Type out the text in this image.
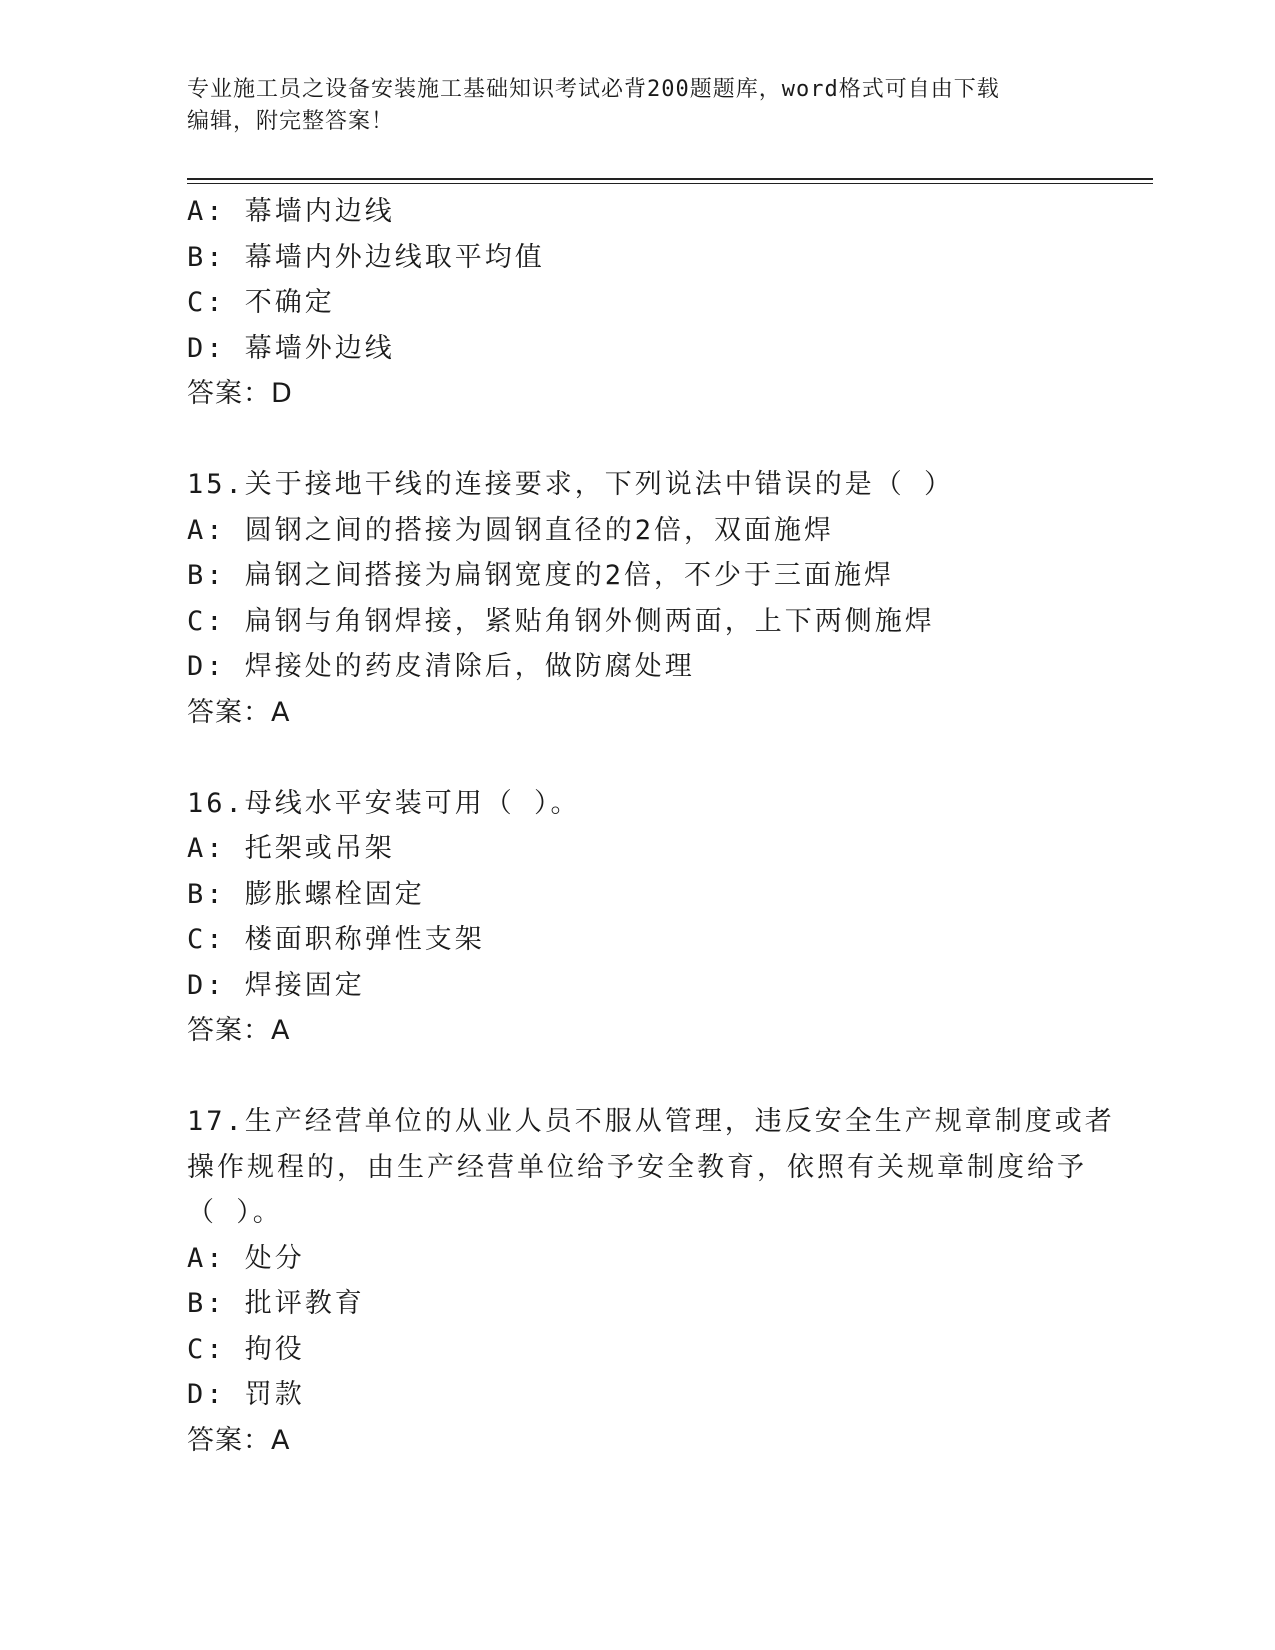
专业施工员之设备安装施工基础知识考试必背200题题库，word格式可自由下载
编辑，附完整答案！
A: 幕墙内边线
B: 幕墙内外边线取平均值
C: 不确定
D: 幕墙外边线
答案：D
15.关于接地干线的连接要求，下列说法中错误的是（ ）
A: 圆钢之间的搭接为圆钢直径的2倍，双面施焊
B: 扁钢之间搭接为扁钢宽度的2倍，不少于三面施焊
C: 扁钢与角钢焊接，紧贴角钢外侧两面，上下两侧施焊
D: 焊接处的药皮清除后，做防腐处理
答案：A
16.母线水平安装可用（ ）。
A: 托架或吊架
B: 膨胀螺栓固定
C: 楼面职称弹性支架
D: 焊接固定
答案：A
17.生产经营单位的从业人员不服从管理，违反安全生产规章制度或者
操作规程的，由生产经营单位给予安全教育，依照有关规章制度给予
（ ）。
A: 处分
B: 批评教育
C: 拘役
D: 罚款
答案：A
